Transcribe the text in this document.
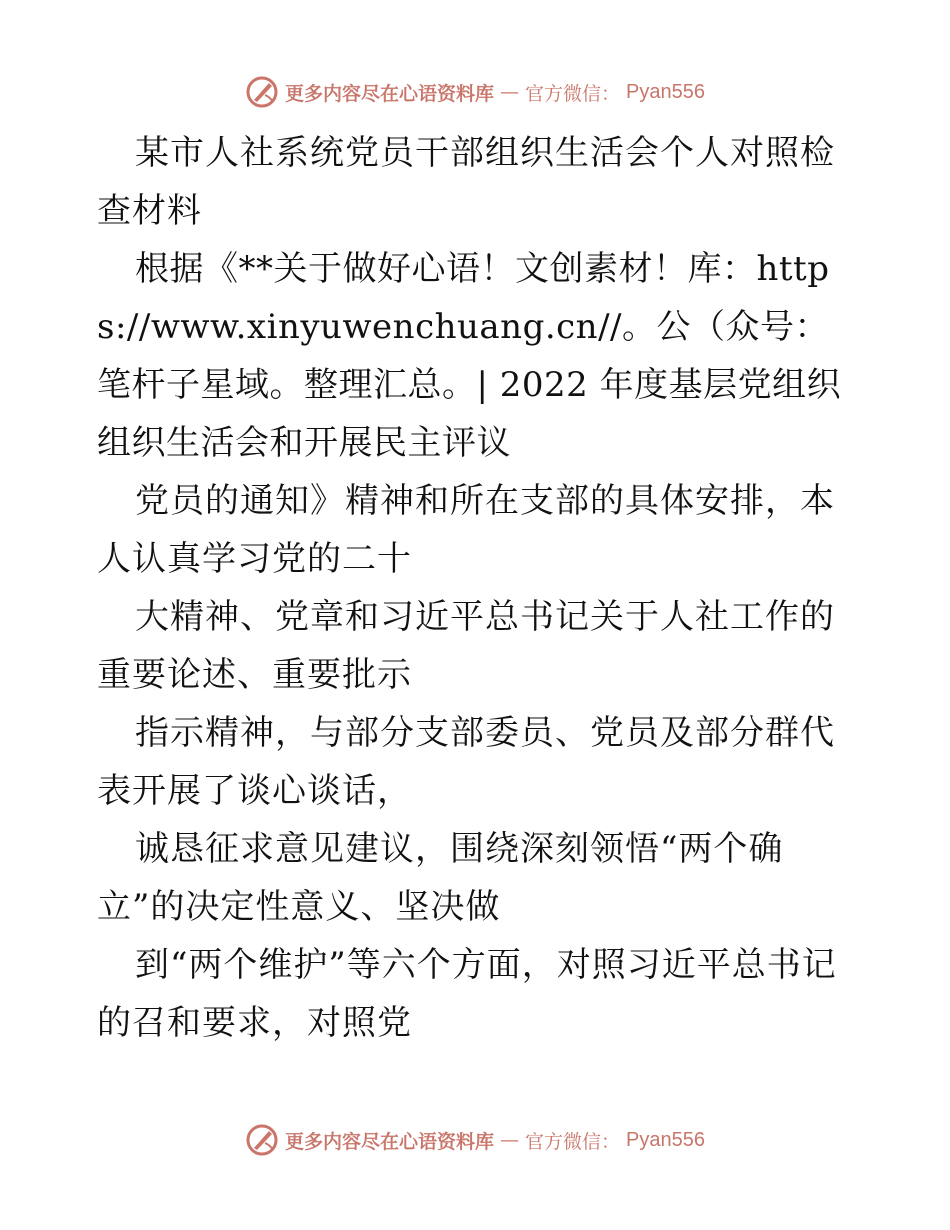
更多内容尽在心语资料库 — 官方微信： Pyan556

某市人社系统党员干部组织生活会个人对照检查材料

根据《**关于做好心语！文创素材！库：https://www.xinyuwenchuang.cn//。公（众号：笔杆子星域。整理汇总。| 2022 年度基层党组织组织生活会和开展民主评议

党员的通知》精神和所在支部的具体安排，本人认真学习党的二十

大精神、党章和习近平总书记关于人社工作的重要论述、重要批示

指示精神，与部分支部委员、党员及部分群代表开展了谈心谈话，

诚恳征求意见建议，围绕深刻领悟“两个确立”的决定性意义、坚决做

到“两个维护”等六个方面，对照习近平总书记的召和要求，对照党

更多内容尽在心语资料库 — 官方微信： Pyan556
